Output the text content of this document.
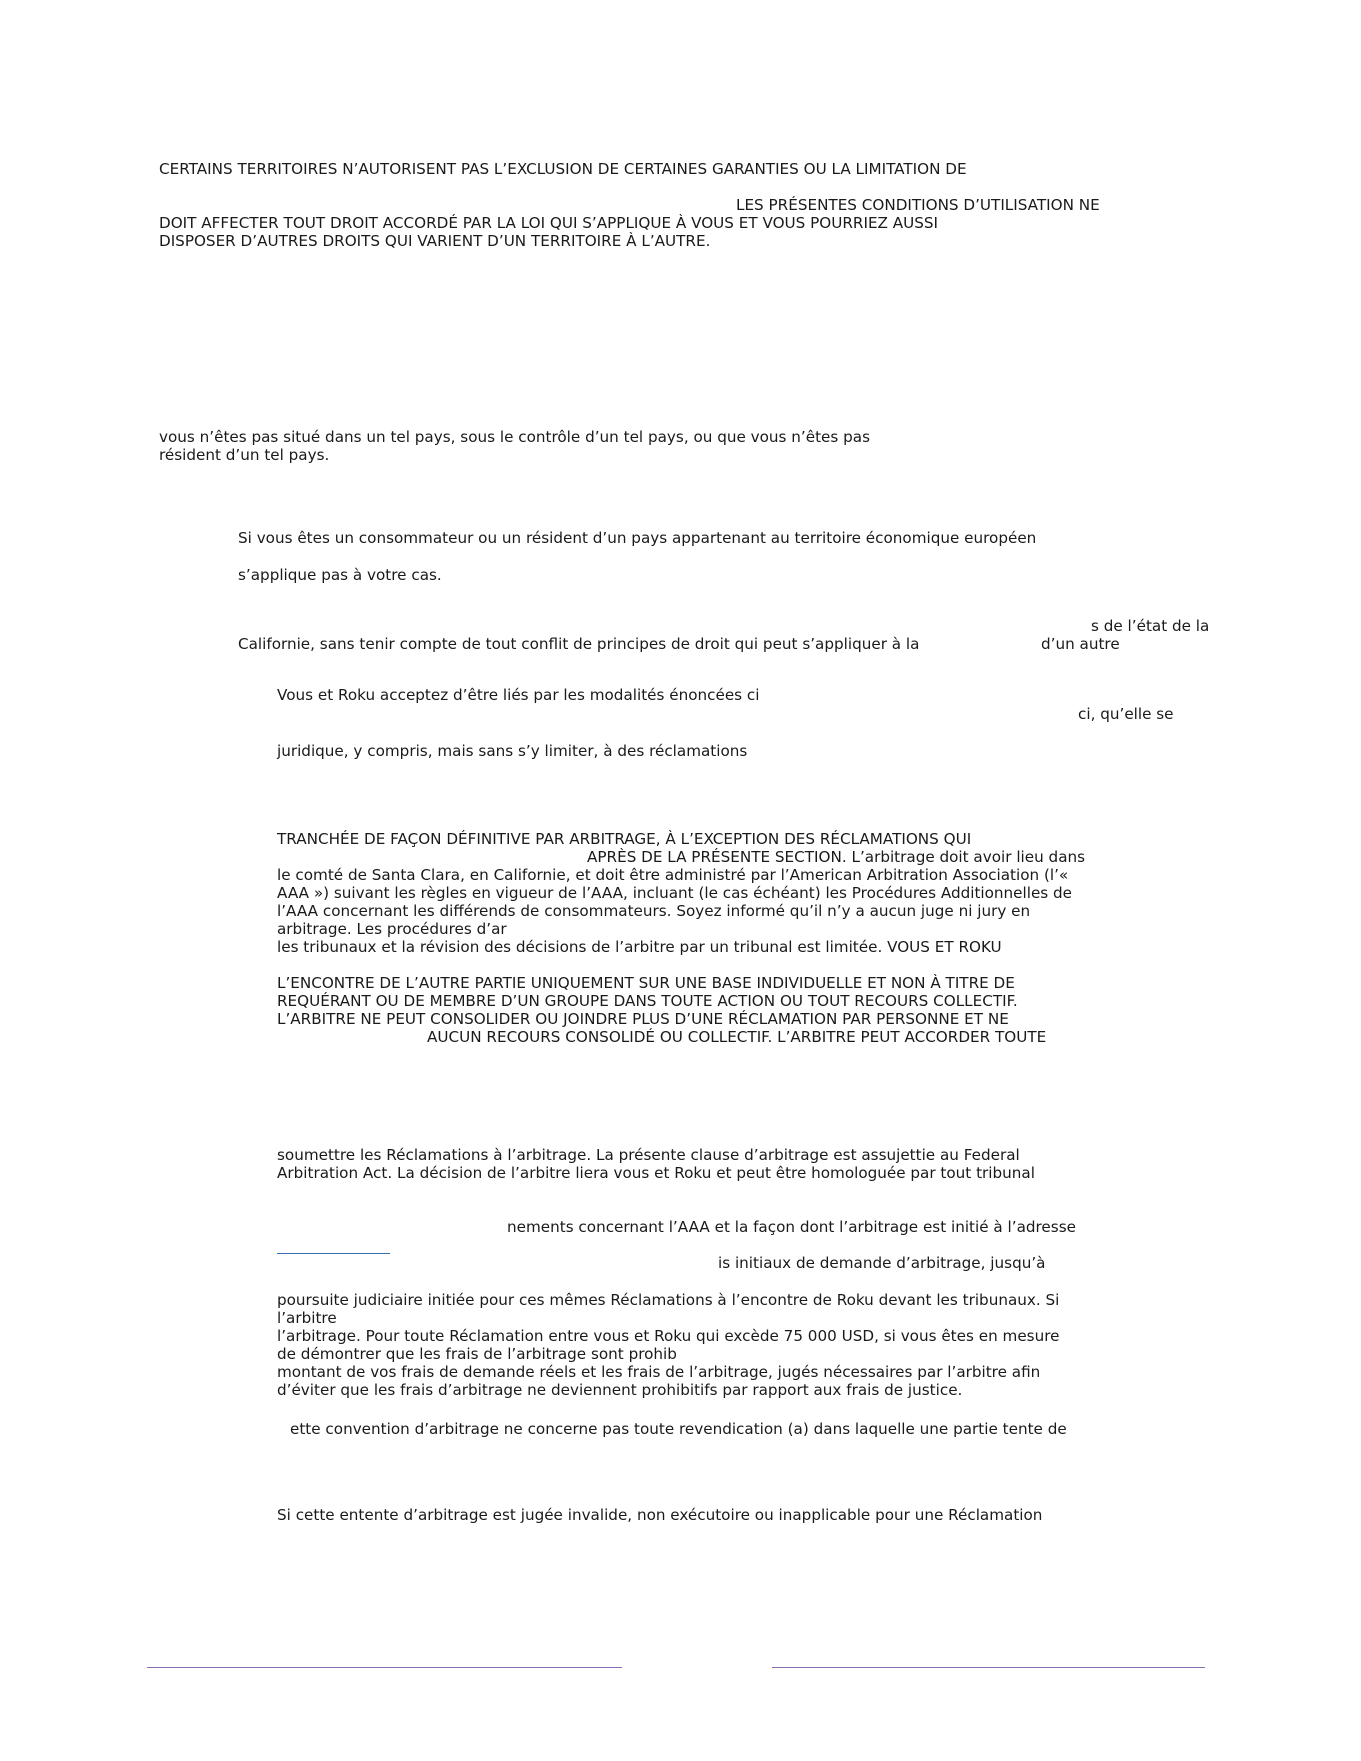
CERTAINS TERRITOIRES N’AUTORISENT PAS L’EXCLUSION DE CERTAINES GARANTIES OU LA LIMITATION DE

LES PRÉSENTES CONDITIONS D’UTILISATION NE

DOIT AFFECTER TOUT DROIT ACCORDÉ PAR LA LOI QUI S’APPLIQUE À VOUS ET VOUS POURRIEZ AUSSI

DISPOSER D’AUTRES DROITS QUI VARIENT D’UN TERRITOIRE À L’AUTRE.

vous n’êtes pas situé dans un tel pays, sous le contrôle d’un tel pays, ou que vous n’êtes pas

résident d’un tel pays.

Si vous êtes un consommateur ou un résident d’un pays appartenant au territoire économique européen

s’applique pas à votre cas.

s de l’état de la

Californie, sans tenir compte de tout conflit de principes de droit qui peut s’appliquer à la	d’un autre

Vous et Roku acceptez d’être liés par les modalités énoncées ci

ci, qu’elle se

juridique, y compris, mais sans s’y limiter, à des réclamations

TRANCHÉE DE FAÇON DÉFINITIVE PAR ARBITRAGE, À L’EXCEPTION DES RÉCLAMATIONS QUI
APRÈS DE LA PRÉSENTE SECTION. L’arbitrage doit avoir lieu dans
le comté de Santa Clara, en Californie, et doit être administré par l’American Arbitration Association (l’«
AAA ») suivant les règles en vigueur de l’AAA, incluant (le cas échéant) les Procédures Additionnelles de
l’AAA concernant les différends de consommateurs. Soyez informé qu’il n’y a aucun juge ni jury en
arbitrage. Les procédures d’ar
les tribunaux et la révision des décisions de l’arbitre par un tribunal est limitée. VOUS ET ROKU
L’ENCONTRE DE L’AUTRE PARTIE UNIQUEMENT SUR UNE BASE INDIVIDUELLE ET NON À TITRE DE
REQUÉRANT OU DE MEMBRE D’UN GROUPE DANS TOUTE ACTION OU TOUT RECOURS COLLECTIF.
L’ARBITRE NE PEUT CONSOLIDER OU JOINDRE PLUS D’UNE RÉCLAMATION PAR PERSONNE ET NE
AUCUN RECOURS CONSOLIDÉ OU COLLECTIF. L’ARBITRE PEUT ACCORDER TOUTE

soumettre les Réclamations à l’arbitrage. La présente clause d’arbitrage est assujettie au Federal

Arbitration Act. La décision de l’arbitre liera vous et Roku et peut être homologuée par tout tribunal

nements concernant l’AAA et la façon dont l’arbitrage est initié à l’adresse

is initiaux de demande d’arbitrage, jusqu’à

poursuite judiciaire initiée pour ces mêmes Réclamations à l’encontre de Roku devant les tribunaux. Si
l’arbitre
l’arbitrage. Pour toute Réclamation entre vous et Roku qui excède 75 000 USD, si vous êtes en mesure
de démontrer que les frais de l’arbitrage sont prohib
montant de vos frais de demande réels et les frais de l’arbitrage, jugés nécessaires par l’arbitre afin
d’éviter que les frais d’arbitrage ne deviennent prohibitifs par rapport aux frais de justice.

ette convention d’arbitrage ne concerne pas toute revendication (a) dans laquelle une partie tente de

Si cette entente d’arbitrage est jugée invalide, non exécutoire ou inapplicable pour une Réclamation
